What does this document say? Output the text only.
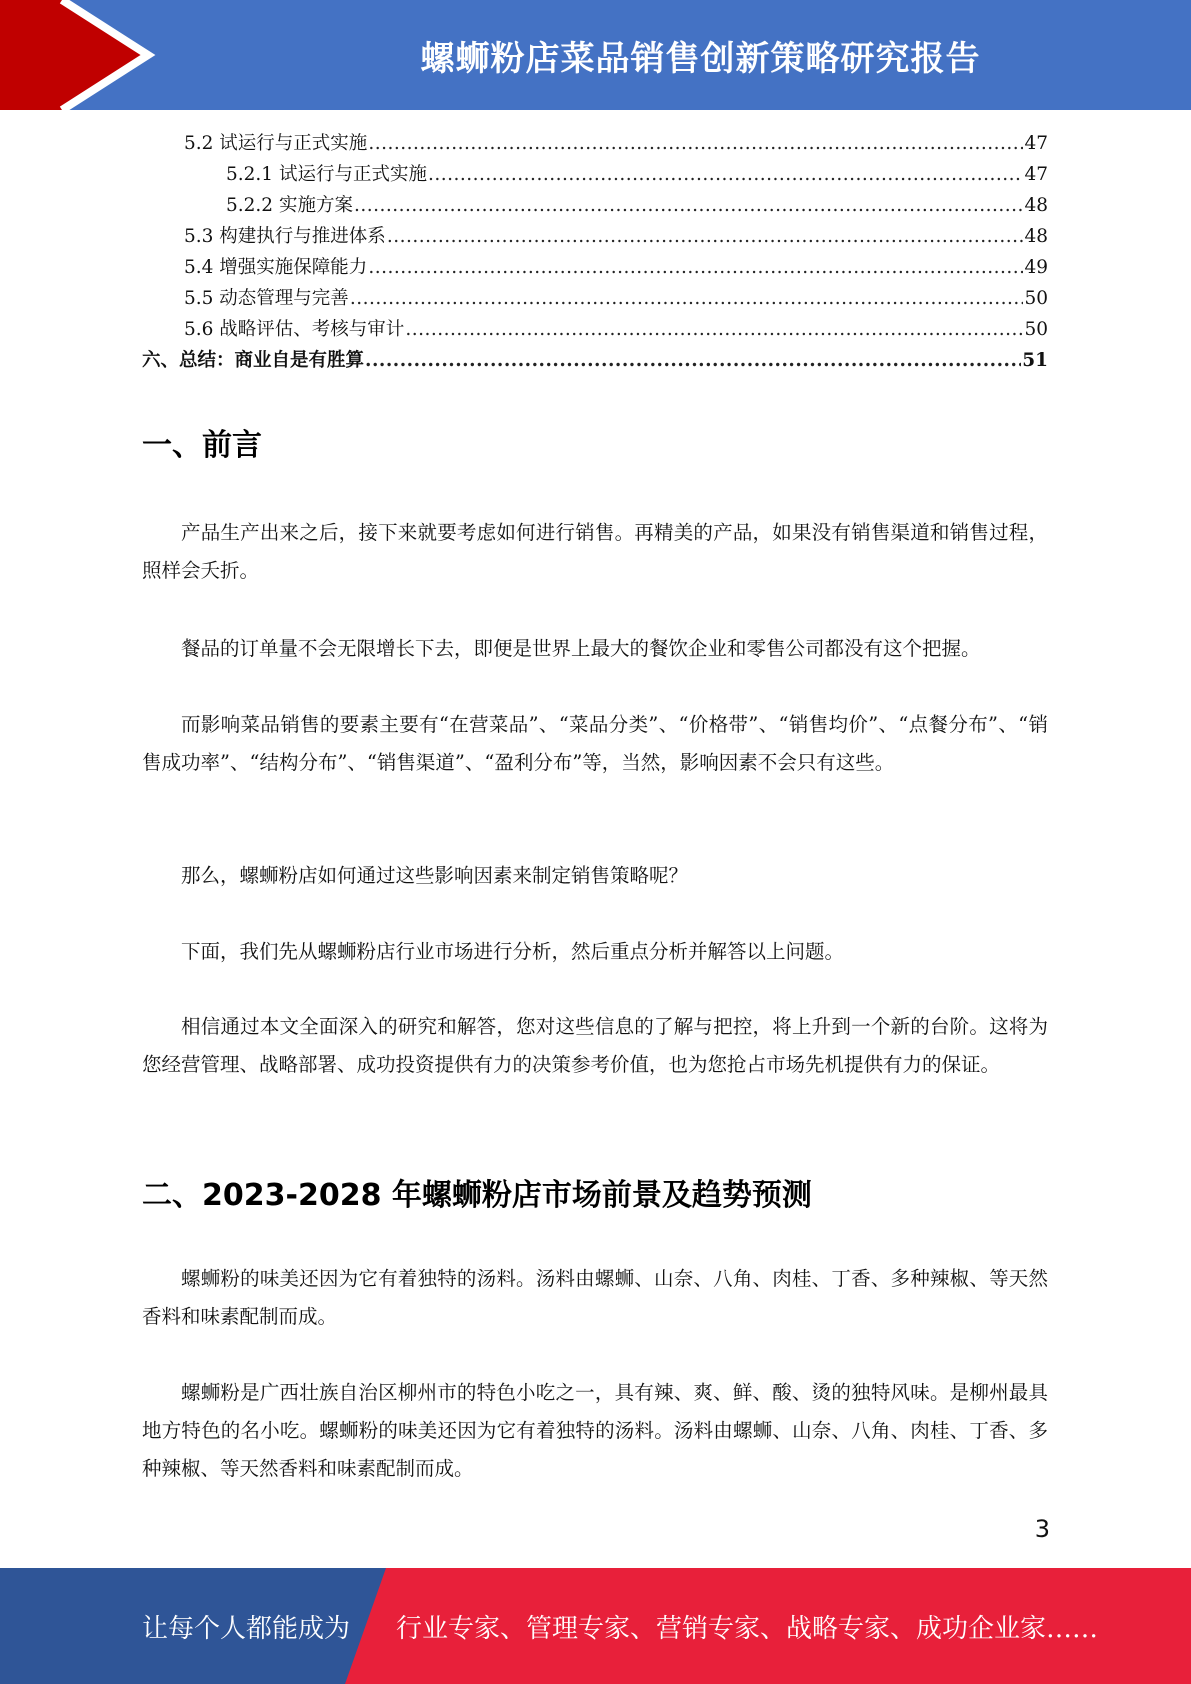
螺蛳粉店菜品销售创新策略研究报告
5.2 试运行与正式实施 .....	47
5.2.1 试运行与正式实施 .....	47
5.2.2 实施方案 .....	48
5.3 构建执行与推进体系 .....	48
5.4 增强实施保障能力 .....	49
5.5 动态管理与完善 .....	50
5.6 战略评估、考核与审计 .....	50
六、总结：商业自是有胜算 .....	51
一、前言

产品生产出来之后，接下来就要考虑如何进行销售。再精美的产品，如果没有销售渠道和销售过程，照样会夭折。

餐品的订单量不会无限增长下去，即便是世界上最大的餐饮企业和零售公司都没有这个把握。

而影响菜品销售的要素主要有“在营菜品”、“菜品分类”、“价格带”、“销售均价”、“点餐分布”、“销售成功率”、“结构分布”、“销售渠道”、“盈利分布”等，当然，影响因素不会只有这些。

那么，螺蛳粉店如何通过这些影响因素来制定销售策略呢？

下面，我们先从螺蛳粉店行业市场进行分析，然后重点分析并解答以上问题。

相信通过本文全面深入的研究和解答，您对这些信息的了解与把控，将上升到一个新的台阶。这将为您经营管理、战略部署、成功投资提供有力的决策参考价值，也为您抢占市场先机提供有力的保证。

二、2023-2028 年螺蛳粉店市场前景及趋势预测

螺蛳粉的味美还因为它有着独特的汤料。汤料由螺蛳、山奈、八角、肉桂、丁香、多种辣椒、等天然香料和味素配制而成。

螺蛳粉是广西壮族自治区柳州市的特色小吃之一，具有辣、爽、鲜、酸、烫的独特风味。是柳州最具地方特色的名小吃。螺蛳粉的味美还因为它有着独特的汤料。汤料由螺蛳、山奈、八角、肉桂、丁香、多种辣椒、等天然香料和味素配制而成。

3
让每个人都能成为 行业专家、管理专家、营销专家、战略专家、成功企业家……
